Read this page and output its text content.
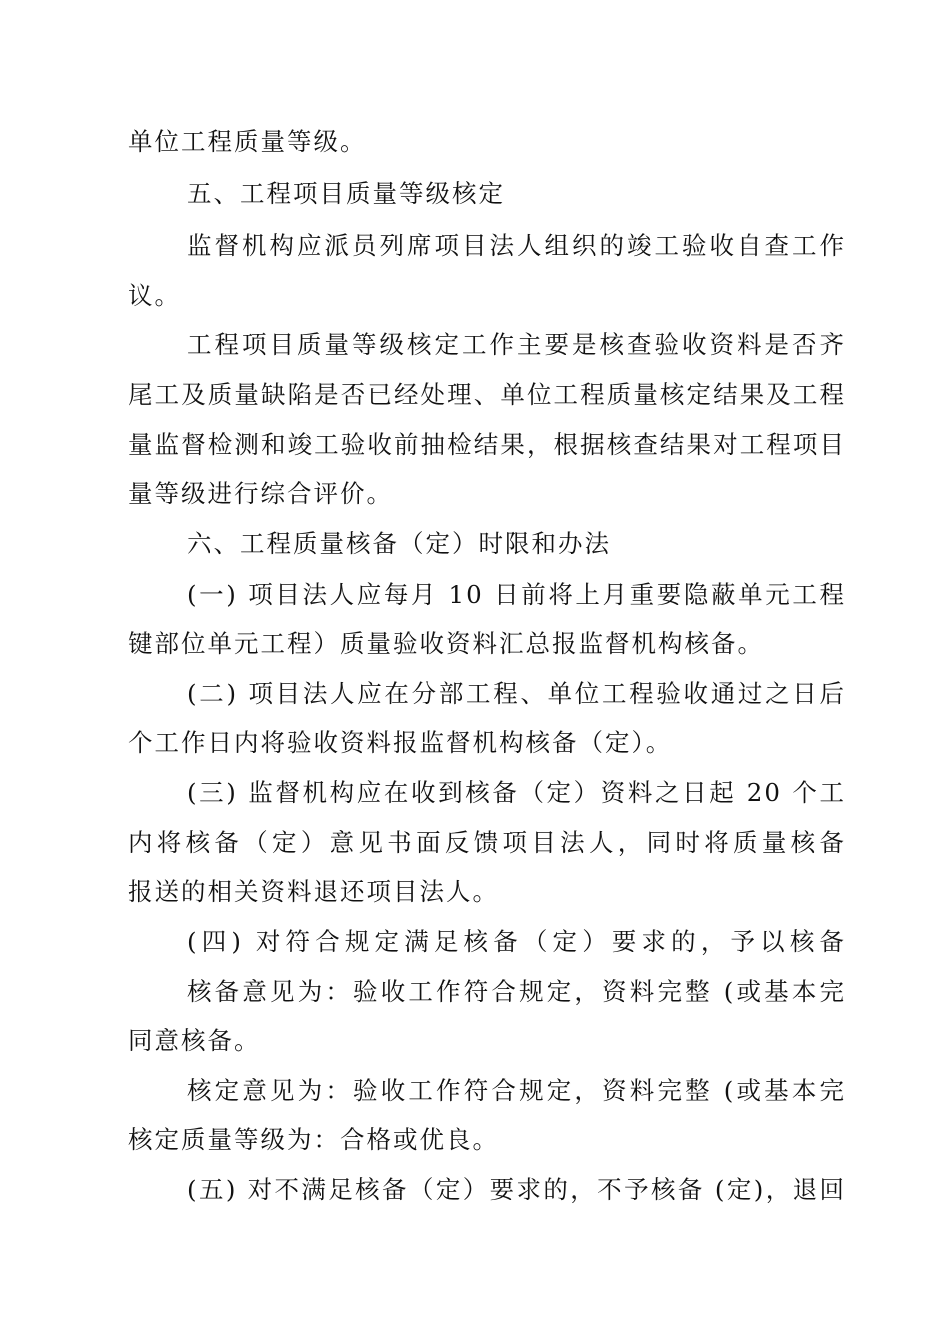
单位工程质量等级。
五、工程项目质量等级核定
监督机构应派员列席项目法人组织的竣工验收自查工作
议。
工程项目质量等级核定工作主要是核查验收资料是否齐
尾工及质量缺陷是否已经处理、单位工程质量核定结果及工程
量监督检测和竣工验收前抽检结果，根据核查结果对工程项目
量等级进行综合评价。
六、工程质量核备（定）时限和办法
(一) 项目法人应每月 10 日前将上月重要隐蔽单元工程
键部位单元工程）质量验收资料汇总报监督机构核备。
(二) 项目法人应在分部工程、单位工程验收通过之日后
个工作日内将验收资料报监督机构核备（定）。
(三) 监督机构应在收到核备（定）资料之日起 20 个工
内将核备（定）意见书面反馈项目法人，同时将质量核备
报送的相关资料退还项目法人。
(四) 对符合规定满足核备（定）要求的，予以核备
核备意见为：验收工作符合规定，资料完整 (或基本完
同意核备。
核定意见为：验收工作符合规定，资料完整 (或基本完
核定质量等级为：合格或优良。
(五) 对不满足核备（定）要求的，不予核备 (定)，退回
